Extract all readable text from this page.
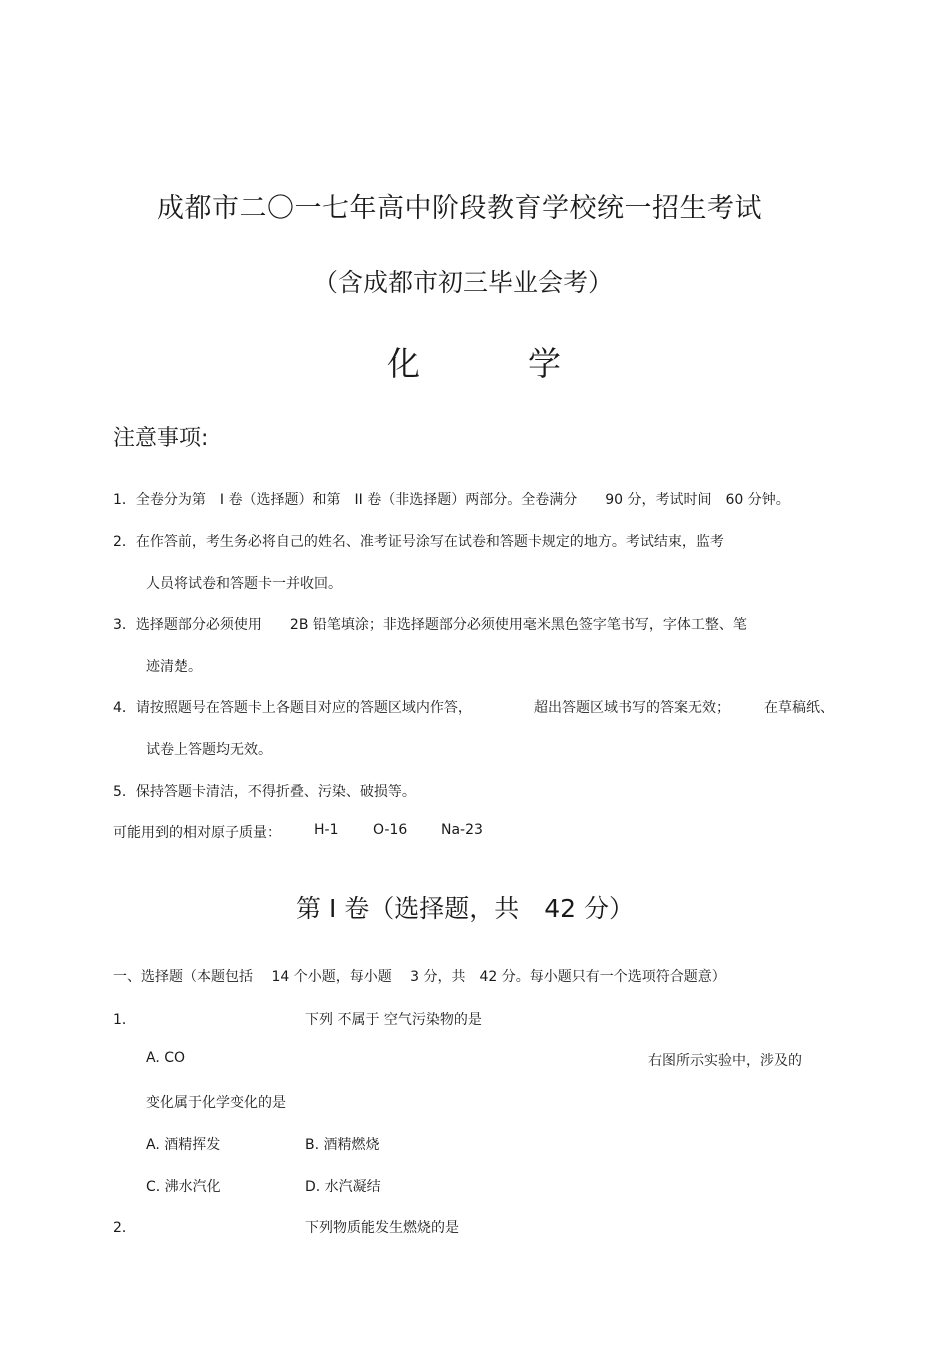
成都市二〇一七年高中阶段教育学校统一招生考试
（含成都市初三毕业会考）
化	学
注意事项:
1．全卷分为第　I 卷（选择题）和第　II 卷（非选择题）两部分。全卷满分　　90 分，考试时间　60 分钟。
2．在作答前，考生务必将自己的姓名、准考证号涂写在试卷和答题卡规定的地方。考试结束，监考
人员将试卷和答题卡一并收回。
3．选择题部分必须使用　　2B 铅笔填涂；非选择题部分必须使用毫米黑色签字笔书写，字体工整、笔
迹清楚。
4．请按照题号在答题卡上各题目对应的答题区域内作答，	超出答题区域书写的答案无效； 在草稿纸、
试卷上答题均无效。
5．保持答题卡清洁，不得折叠、污染、破损等。
可能用到的相对原子质量： H-1 O-16 Na-23
第 I 卷（选择题，共　42 分）
一、选择题（本题包括　 14 个小题，每小题　 3 分，共　42 分。每小题只有一个选项符合题意）
1．	下列 不属于 空气污染物的是
A. CO	右图所示实验中，涉及的
变化属于化学变化的是
A. 酒精挥发	B. 酒精燃烧
C. 沸水汽化	D. 水汽凝结
2．	下列物质能发生燃烧的是
